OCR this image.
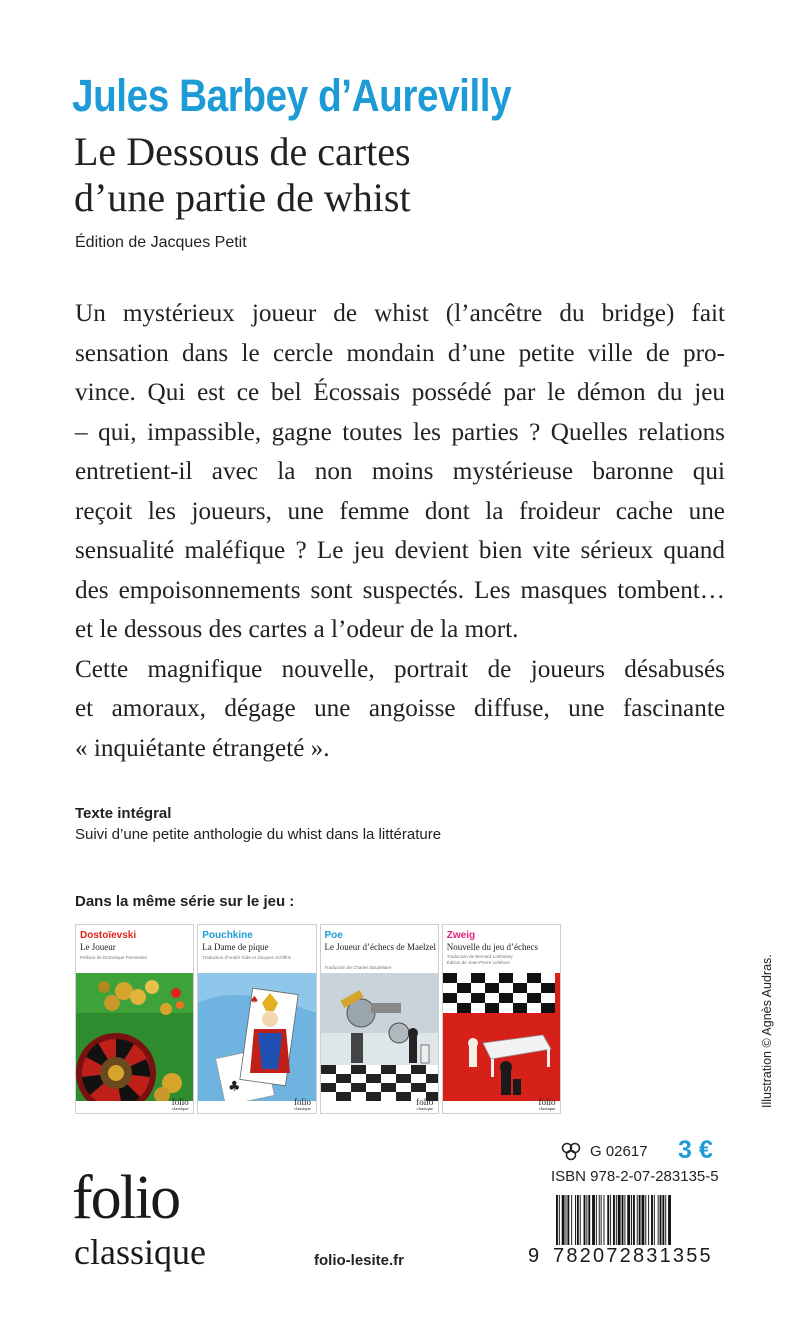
Jules Barbey d’Aurevilly
Le Dessous de cartes
d’une partie de whist
Édition de Jacques Petit
Un mystérieux joueur de whist (l’ancêtre du bridge) fait
sensation dans le cercle mondain d’une petite ville de pro-
vince. Qui est ce bel Écossais possédé par le démon du jeu
– qui, impassible, gagne toutes les parties ? Quelles relations
entretient-il avec la non moins mystérieuse baronne qui
reçoit les joueurs, une femme dont la froideur cache une
sensualité maléfique ? Le jeu devient bien vite sérieux quand
des empoisonnements sont suspectés. Les masques tombent…
et le dessous des cartes a l’odeur de la mort.
Cette magnifique nouvelle, portrait de joueurs désabusés
et amoraux, dégage une angoisse diffuse, une fascinante
« inquiétante étrangeté ».
Texte intégral
Suivi d’une petite anthologie du whist dans la littérature
Dans la même série sur le jeu :
Dostoïevski
Le Joueur
Préface de Dominique Fernandez
folio
classique
Pouchkine
La Dame de pique
Traduction d’André Gide et Jacques Schiffrin
♣
♠
folio
classique
Poe
Le Joueur d’échecs de Maelzel
Traduction de Charles Baudelaire
folio
classique
Zweig
Nouvelle du jeu d’échecs
Traduction de Bernard Lortholary
Édition de Jean-Pierre Lefebvre
folio
classique
G 02617 3 €
ISBN 978-2-07-283135-5
9 782072831355
folio
classique	folio-lesite.fr
Illustration © Agnès Audras.
